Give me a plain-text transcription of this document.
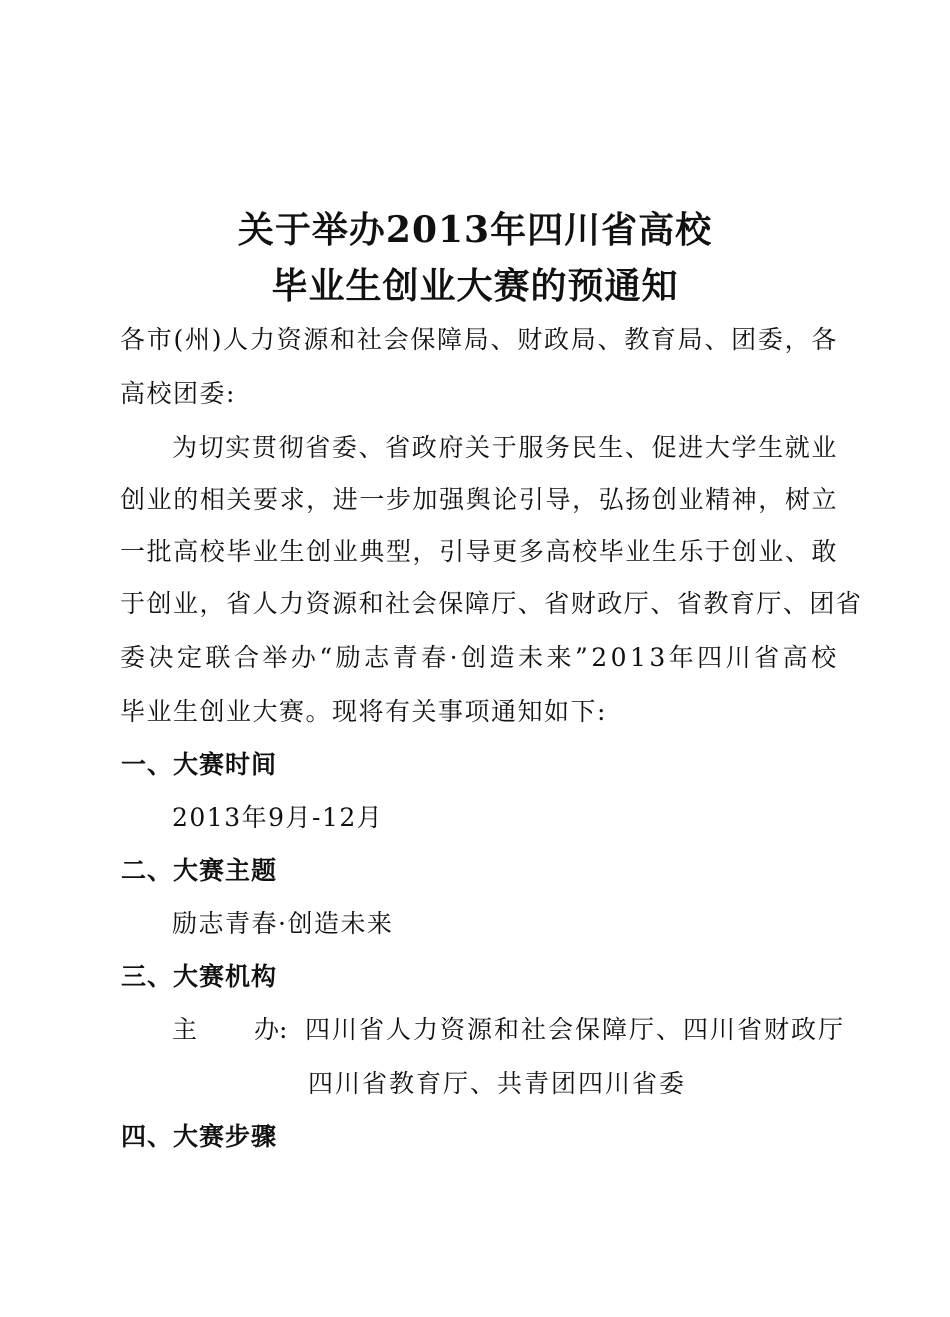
关于举办2013年四川省高校
毕业生创业大赛的预通知
各 市 ( 州 ) 人 力 资 源 和 社 会 保 障 局 、 财 政 局 、 教 育 局 、 团 委 ， 各
高校团委:
为 切 实 贯 彻 省 委 、 省 政 府 关 于 服 务 民 生 、 促 进 大 学 生 就 业
创 业 的 相 关 要 求 ， 进 一 步 加 强 舆 论 引 导 ， 弘 扬 创 业 精 神 ， 树 立
一 批 高 校 毕 业 生 创 业 典 型 ， 引 导 更 多 高 校 毕 业 生 乐 于 创 业 、 敢
于 创 业 ， 省 人 力 资 源 和 社 会 保 障 厅 、 省 财 政 厅 、 省 教 育 厅 、 团 省
委 决 定 联 合 举 办 “ 励 志 青 春 · 创 造 未 来 ” 2 0 1 3 年 四 川 省 高 校
毕业生创业大赛。现将有关事项通知如下:
一、大赛时间
2013年9月-12月
二、大赛主题
励志青春·创造未来
三、大赛机构
主 办: 四川省人力资源和社会保障厅、四川省财政厅
四川省教育厅、共青团四川省委
四、大赛步骤
